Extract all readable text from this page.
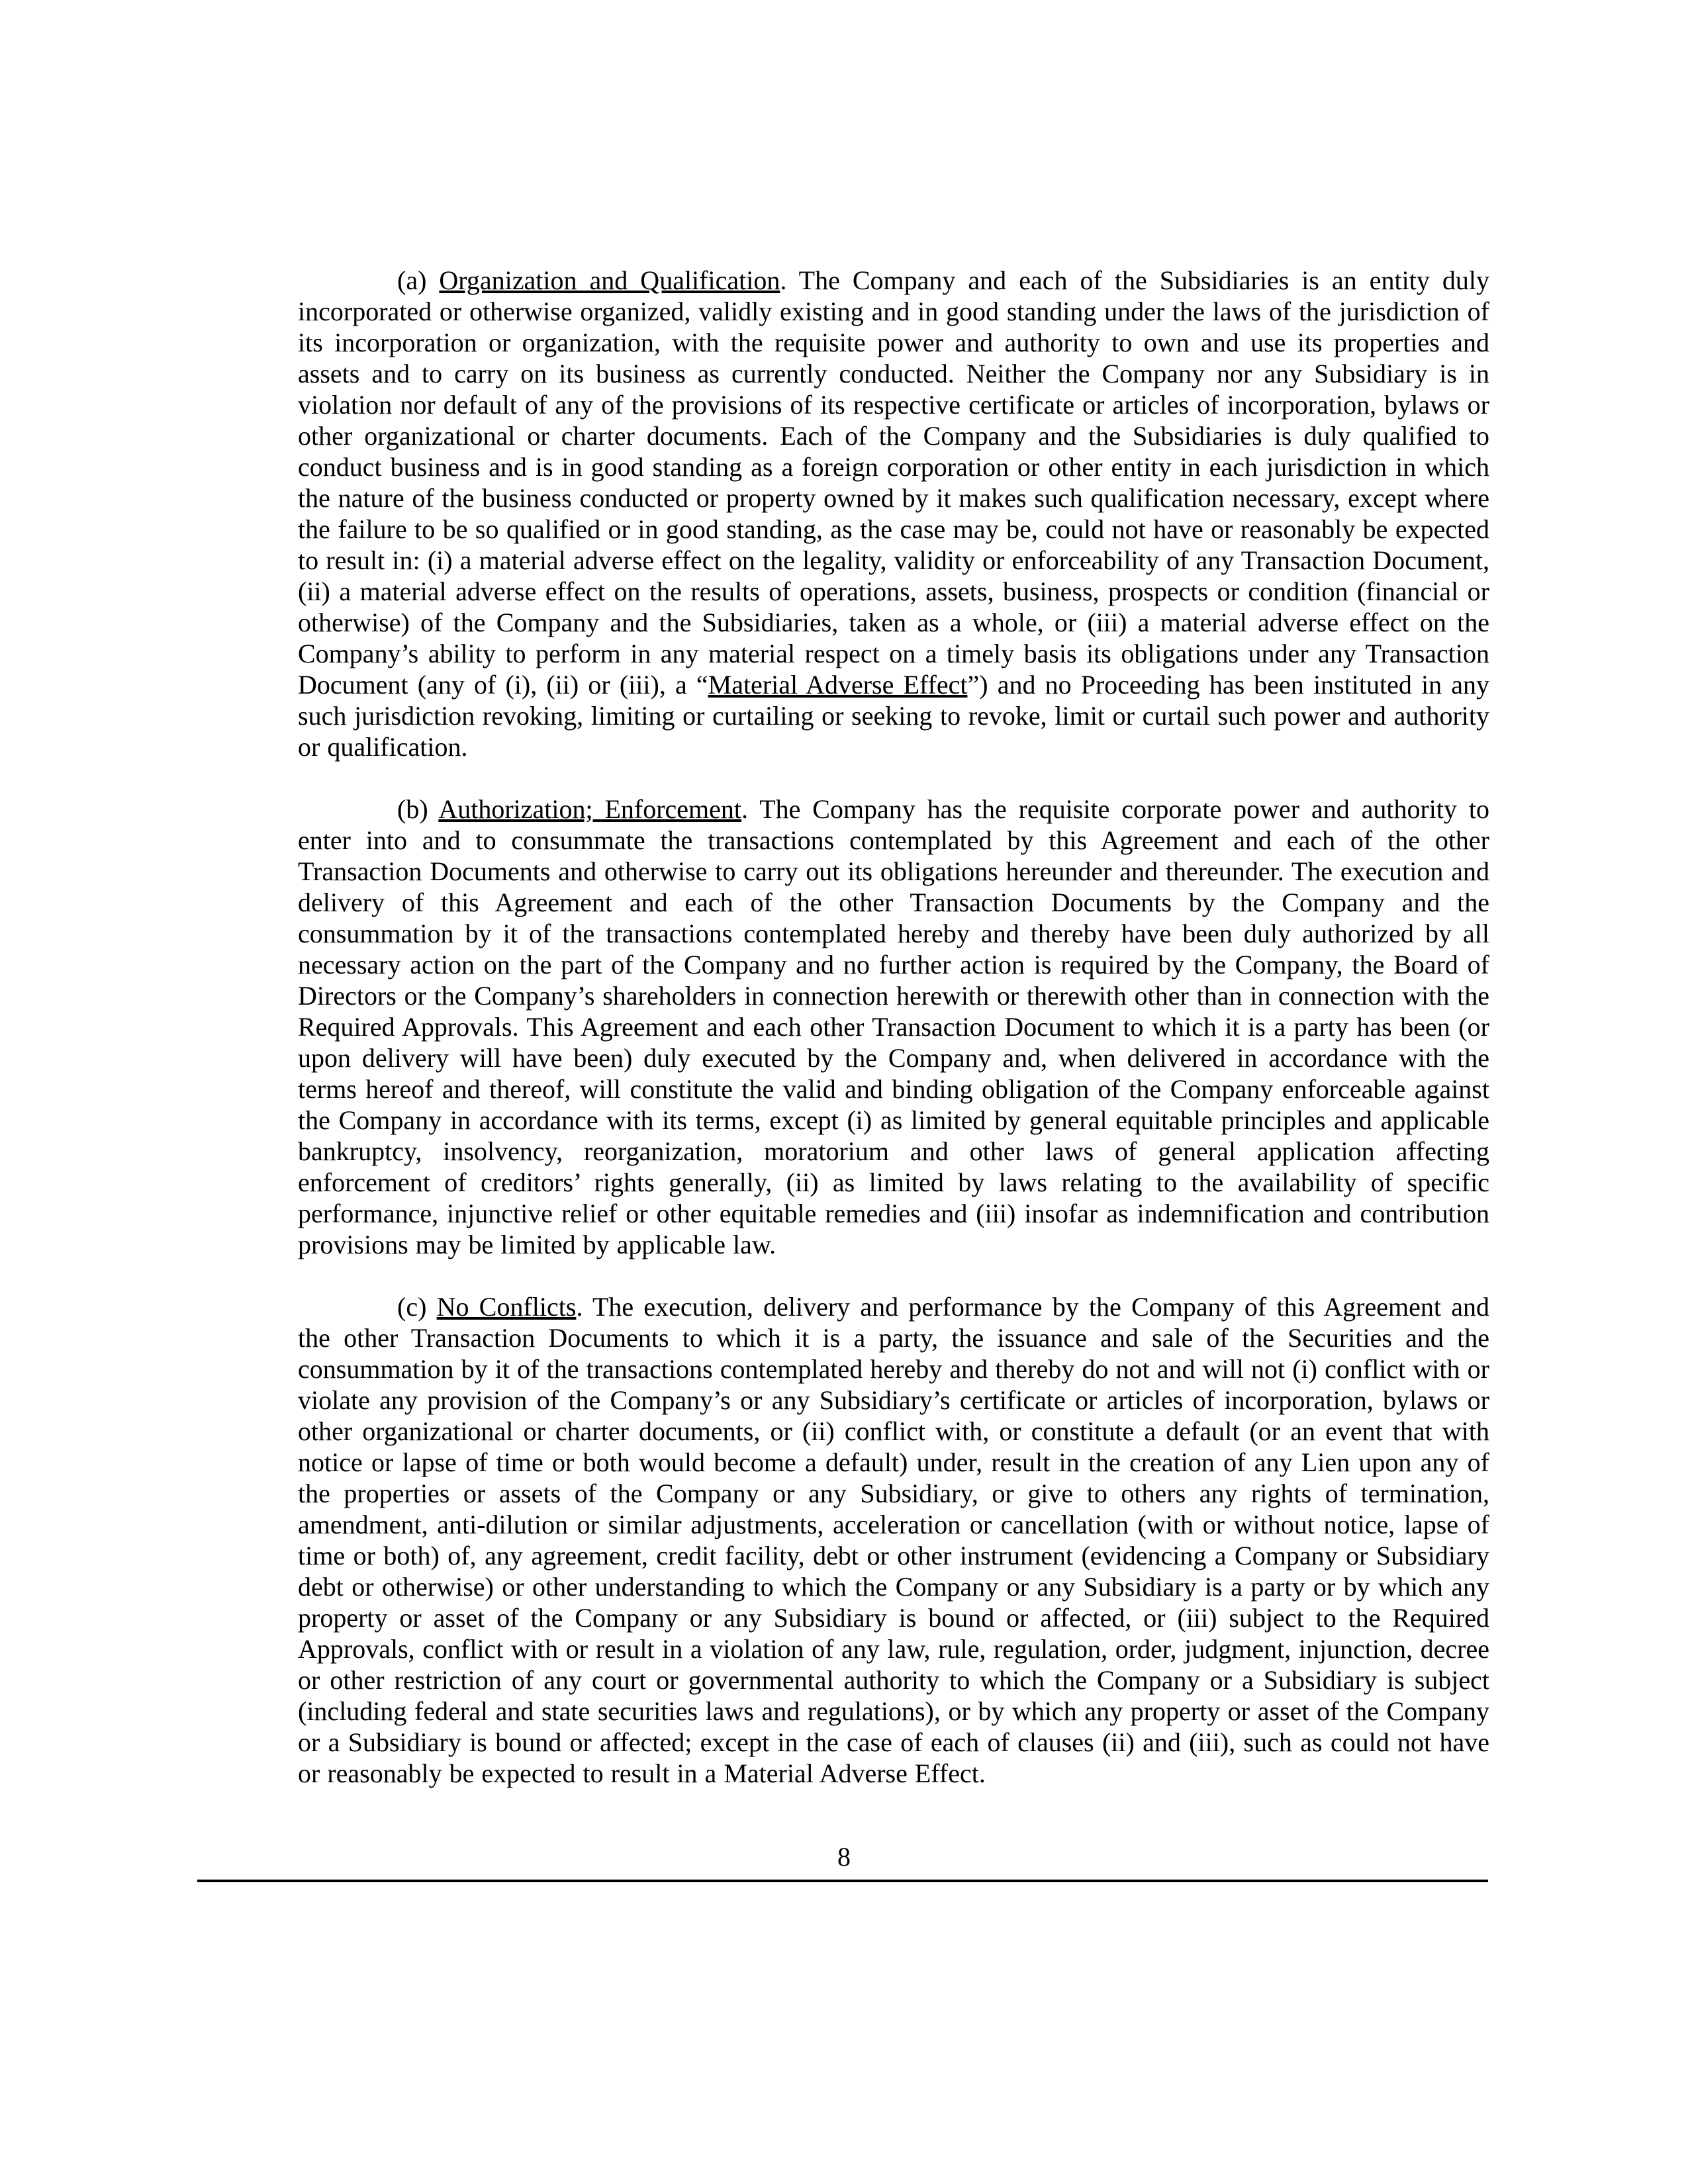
(a) Organization and Qualification. The Company and each of the Subsidiaries is an entity duly incorporated or otherwise organized, validly existing and in good standing under the laws of the jurisdiction of its incorporation or organization, with the requisite power and authority to own and use its properties and assets and to carry on its business as currently conducted. Neither the Company nor any Subsidiary is in violation nor default of any of the provisions of its respective certificate or articles of incorporation, bylaws or other organizational or charter documents. Each of the Company and the Subsidiaries is duly qualified to conduct business and is in good standing as a foreign corporation or other entity in each jurisdiction in which the nature of the business conducted or property owned by it makes such qualification necessary, except where the failure to be so qualified or in good standing, as the case may be, could not have or reasonably be expected to result in: (i) a material adverse effect on the legality, validity or enforceability of any Transaction Document, (ii) a material adverse effect on the results of operations, assets, business, prospects or condition (financial or otherwise) of the Company and the Subsidiaries, taken as a whole, or (iii) a material adverse effect on the Company’s ability to perform in any material respect on a timely basis its obligations under any Transaction Document (any of (i), (ii) or (iii), a “Material Adverse Effect”) and no Proceeding has been instituted in any such jurisdiction revoking, limiting or curtailing or seeking to revoke, limit or curtail such power and authority or qualification.

(b) Authorization; Enforcement. The Company has the requisite corporate power and authority to enter into and to consummate the transactions contemplated by this Agreement and each of the other Transaction Documents and otherwise to carry out its obligations hereunder and thereunder. The execution and delivery of this Agreement and each of the other Transaction Documents by the Company and the consummation by it of the transactions contemplated hereby and thereby have been duly authorized by all necessary action on the part of the Company and no further action is required by the Company, the Board of Directors or the Company’s shareholders in connection herewith or therewith other than in connection with the Required Approvals. This Agreement and each other Transaction Document to which it is a party has been (or upon delivery will have been) duly executed by the Company and, when delivered in accordance with the terms hereof and thereof, will constitute the valid and binding obligation of the Company enforceable against the Company in accordance with its terms, except (i) as limited by general equitable principles and applicable bankruptcy, insolvency, reorganization, moratorium and other laws of general application affecting enforcement of creditors’ rights generally, (ii) as limited by laws relating to the availability of specific performance, injunctive relief or other equitable remedies and (iii) insofar as indemnification and contribution provisions may be limited by applicable law.

(c) No Conflicts. The execution, delivery and performance by the Company of this Agreement and the other Transaction Documents to which it is a party, the issuance and sale of the Securities and the consummation by it of the transactions contemplated hereby and thereby do not and will not (i) conflict with or violate any provision of the Company’s or any Subsidiary’s certificate or articles of incorporation, bylaws or other organizational or charter documents, or (ii) conflict with, or constitute a default (or an event that with notice or lapse of time or both would become a default) under, result in the creation of any Lien upon any of the properties or assets of the Company or any Subsidiary, or give to others any rights of termination, amendment, anti-dilution or similar adjustments, acceleration or cancellation (with or without notice, lapse of time or both) of, any agreement, credit facility, debt or other instrument (evidencing a Company or Subsidiary debt or otherwise) or other understanding to which the Company or any Subsidiary is a party or by which any property or asset of the Company or any Subsidiary is bound or affected, or (iii) subject to the Required Approvals, conflict with or result in a violation of any law, rule, regulation, order, judgment, injunction, decree or other restriction of any court or governmental authority to which the Company or a Subsidiary is subject (including federal and state securities laws and regulations), or by which any property or asset of the Company or a Subsidiary is bound or affected; except in the case of each of clauses (ii) and (iii), such as could not have or reasonably be expected to result in a Material Adverse Effect.

8
